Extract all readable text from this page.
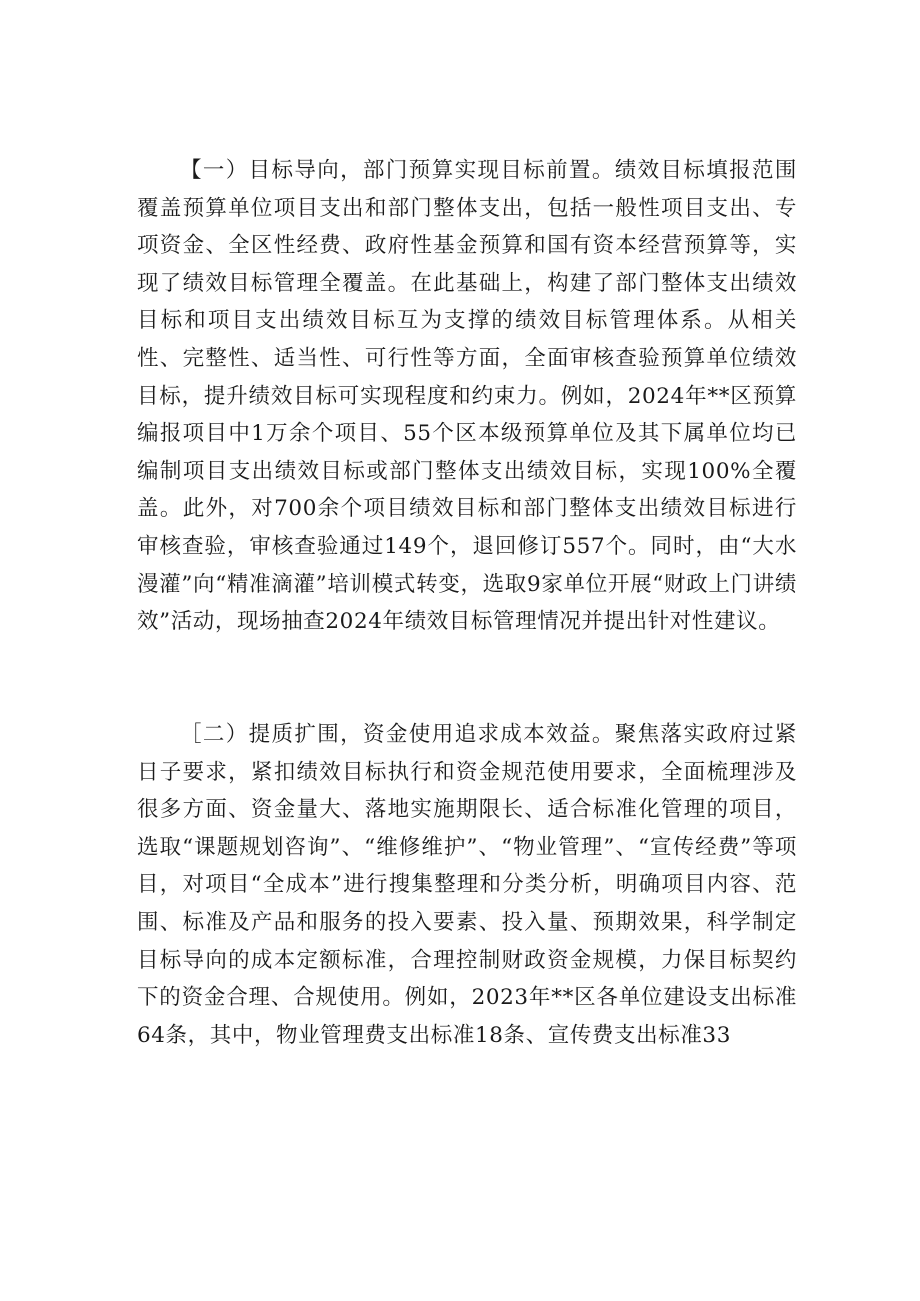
【一）目标导向，部门预算实现目标前置。绩效目标填报范围覆盖预算单位项目支出和部门整体支出，包括一般性项目支出、专项资金、全区性经费、政府性基金预算和国有资本经营预算等，实现了绩效目标管理全覆盖。在此基础上，构建了部门整体支出绩效目标和项目支出绩效目标互为支撑的绩效目标管理体系。从相关性、完整性、适当性、可行性等方面，全面审核查验预算单位绩效目标，提升绩效目标可实现程度和约束力。例如，2024年**区预算编报项目中1万余个项目、55个区本级预算单位及其下属单位均已编制项目支出绩效目标或部门整体支出绩效目标，实现100%全覆盖。此外，对700余个项目绩效目标和部门整体支出绩效目标进行审核查验，审核查验通过149个，退回修订557个。同时，由“大水漫灌”向“精准滴灌”培训模式转变，选取9家单位开展“财政上门讲绩效”活动，现场抽查2024年绩效目标管理情况并提出针对性建议。

［二）提质扩围，资金使用追求成本效益。聚焦落实政府过紧日子要求，紧扣绩效目标执行和资金规范使用要求，全面梳理涉及很多方面、资金量大、落地实施期限长、适合标准化管理的项目，选取“课题规划咨询”、“维修维护”、“物业管理”、“宣传经费”等项目，对项目“全成本”进行搜集整理和分类分析，明确项目内容、范围、标准及产品和服务的投入要素、投入量、预期效果，科学制定目标导向的成本定额标准，合理控制财政资金规模，力保目标契约下的资金合理、合规使用。例如，2023年**区各单位建设支出标准64条，其中，物业管理费支出标准18条、宣传费支出标准33
